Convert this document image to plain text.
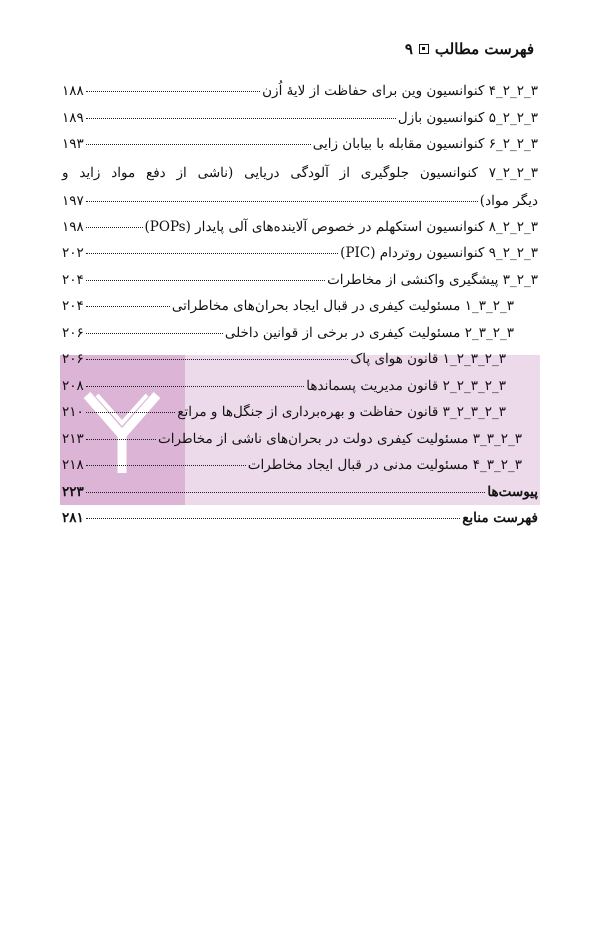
فهرست مطالب
۹
۳_۲_۲_۴ کنوانسیون وین برای حفاظت از لایهٔ اُزن
۱۸۸
۳_۲_۲_۵ کنوانسیون بازل
۱۸۹
۳_۲_۲_۶ کنوانسیون مقابله با بیابان زایی
۱۹۳
۳_۲_۲_۷ کنوانسیون جلوگیری از آلودگی دریایی (ناشی از دفع مواد زاید و
دیگر مواد)
۱۹۷
۳_۲_۲_۸ کنوانسیون استکهلم در خصوص آلاینده‌های آلی پایدار (POPs)
۱۹۸
۳_۲_۲_۹ کنوانسیون روتردام (PIC)
۲۰۲
۳_۲_۳ پیشگیری واکنشی از مخاطرات
۲۰۴
۳_۲_۳_۱ مسئولیت کیفری در قبال ایجاد بحران‌های مخاطراتی
۲۰۴
۳_۲_۳_۲ مسئولیت کیفری در برخی از قوانین داخلی
۲۰۶
۳_۲_۳_۲_۱ قانون هوای پاک
۲۰۶
۳_۲_۳_۲_۲ قانون مدیریت پسماندها
۲۰۸
۳_۲_۳_۲_۳ قانون حفاظت و بهره‌برداری از جنگل‌ها و مراتع
۲۱۰
۳_۲_۳_۳ مسئولیت کیفری دولت در بحران‌های ناشی از مخاطرات
۲۱۳
۳_۲_۳_۴ مسئولیت مدنی در قبال ایجاد مخاطرات
۲۱۸
پیوست‌ها
۲۲۳
فهرست منابع
۲۸۱
